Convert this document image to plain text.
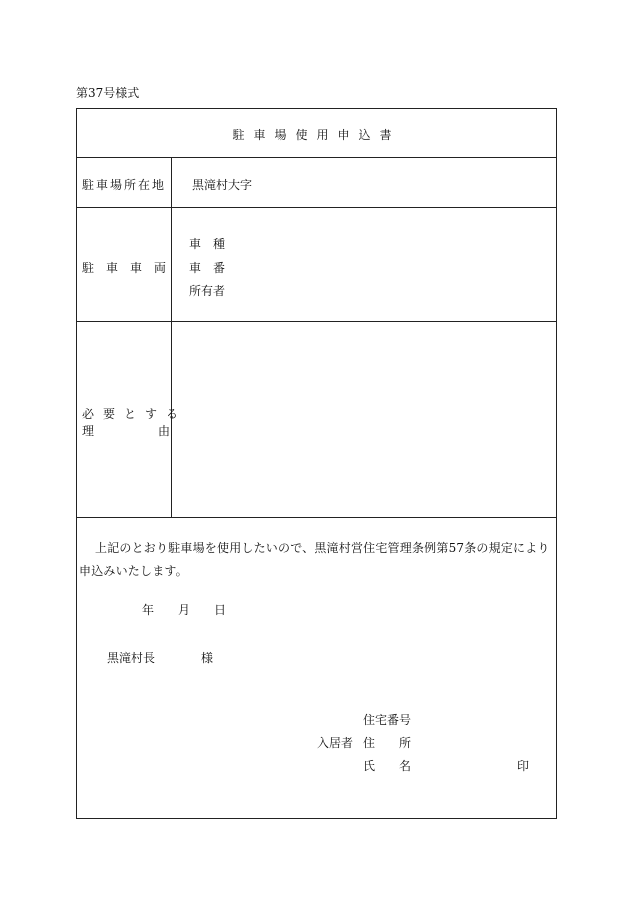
第37号様式
駐車場使用申込書
駐車場所在地 黒滝村大字
駐車車両
車　種
車　番
所有者
必要とする
理由
上記のとおり駐車場を使用したいので、黒滝村営住宅管理条例第57条の規定により申込みいたします。
年 月 日
黒滝村長	様
住宅番号
入居者 住　　所
氏　　名	印
